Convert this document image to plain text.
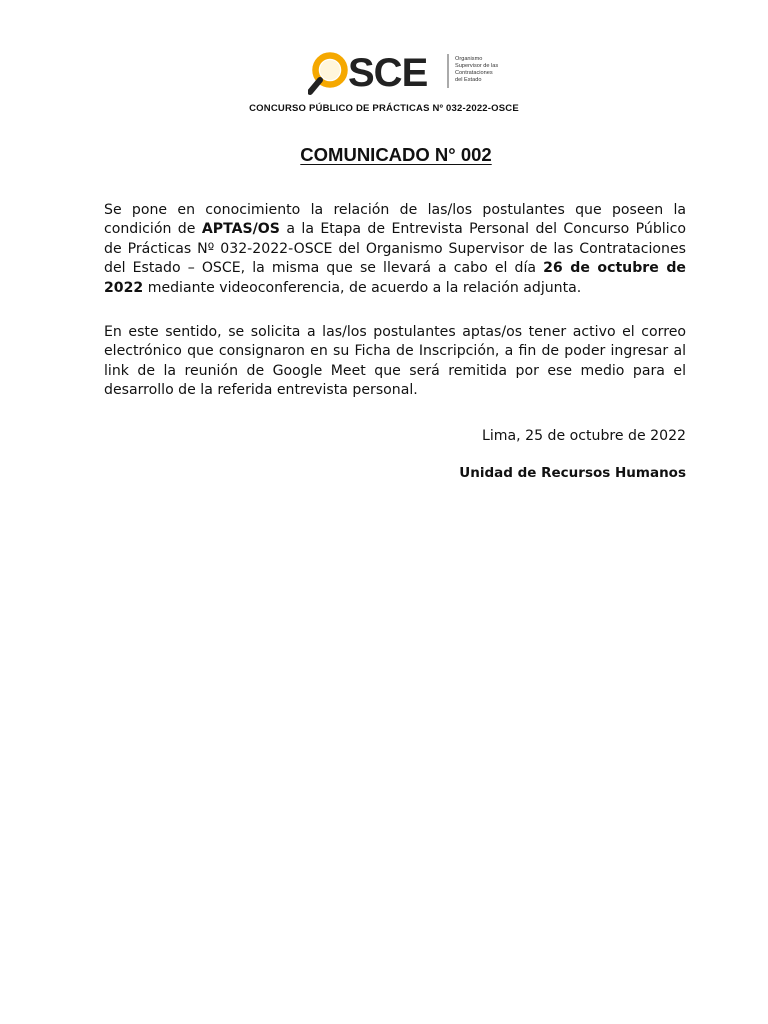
SCE	Organismo
Supervisor de las
Contrataciones
del Estado
CONCURSO PÚBLICO DE PRÁCTICAS Nº 032-2022-OSCE
COMUNICADO N° 002
Se pone en conocimiento la relación de las/los postulantes que poseen la condición de APTAS/OS a la Etapa de Entrevista Personal del Concurso Público de Prácticas Nº 032-2022-OSCE del Organismo Supervisor de las Contrataciones del Estado – OSCE, la misma que se llevará a cabo el día 26 de octubre de 2022 mediante videoconferencia, de acuerdo a la relación adjunta.
En este sentido, se solicita a las/los postulantes aptas/os tener activo el correo electrónico que consignaron en su Ficha de Inscripción, a fin de poder ingresar al link de la reunión de Google Meet que será remitida por ese medio para el desarrollo de la referida entrevista personal.
Lima, 25 de octubre de 2022
Unidad de Recursos Humanos
